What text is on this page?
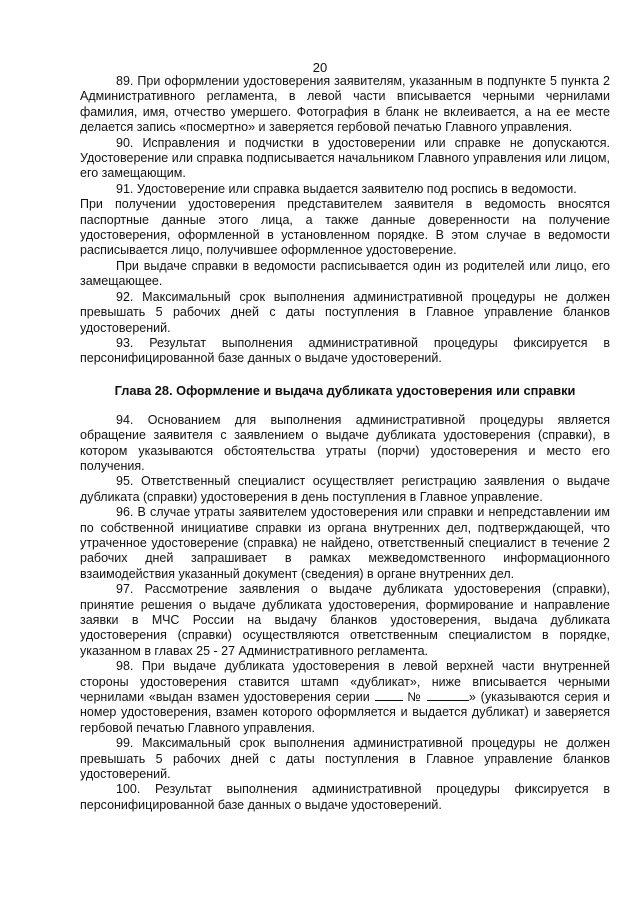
20

89. При оформлении удостоверения заявителям, указанным в подпункте 5 пункта 2 Административного регламента, в левой части вписывается черными чернилами фамилия, имя, отчество умершего. Фотография в бланк не вклеивается, а на ее месте делается запись «посмертно» и заверяется гербовой печатью Главного управления.

90. Исправления и подчистки в удостоверении или справке не допускаются. Удостоверение или справка подписывается начальником Главного управления или лицом, его замещающим.

91. Удостоверение или справка выдается заявителю под роспись в ведомости.

При получении удостоверения представителем заявителя в ведомость вносятся паспортные данные этого лица, а также данные доверенности на получение удостоверения, оформленной в установленном порядке. В этом случае в ведомости расписывается лицо, получившее оформленное удостоверение.

При выдаче справки в ведомости расписывается один из родителей или лицо, его замещающее.

92. Максимальный срок выполнения административной процедуры не должен превышать 5 рабочих дней с даты поступления в Главное управление бланков удостоверений.

93. Результат выполнения административной процедуры фиксируется в персонифицированной базе данных о выдаче удостоверений.

Глава 28. Оформление и выдача дубликата удостоверения или справки

94. Основанием для выполнения административной процедуры является обращение заявителя с заявлением о выдаче дубликата удостоверения (справки), в котором указываются обстоятельства утраты (порчи) удостоверения и место его получения.

95. Ответственный специалист осуществляет регистрацию заявления о выдаче дубликата (справки) удостоверения в день поступления в Главное управление.

96. В случае утраты заявителем удостоверения или справки и непредставлении им по собственной инициативе справки из органа внутренних дел, подтверждающей, что утраченное удостоверение (справка) не найдено, ответственный специалист в течение 2 рабочих дней запрашивает в рамках межведомственного информационного взаимодействия указанный документ (сведения) в органе внутренних дел.

97. Рассмотрение заявления о выдаче дубликата удостоверения (справки), принятие решения о выдаче дубликата удостоверения, формирование и направление заявки в МЧС России на выдачу бланков удостоверения, выдача дубликата удостоверения (справки) осуществляются ответственным специалистом в порядке, указанном в главах 25 - 27 Административного регламента.

98. При выдаче дубликата удостоверения в левой верхней части внутренней стороны удостоверения ставится штамп «дубликат», ниже вписывается черными чернилами «выдан взамен удостоверения серии  №	» (указываются серия и номер удостоверения, взамен которого оформляется и выдается дубликат) и заверяется гербовой печатью Главного управления.

99. Максимальный срок выполнения административной процедуры не должен превышать 5 рабочих дней с даты поступления в Главное управление бланков удостоверений.

100. Результат выполнения административной процедуры фиксируется в персонифицированной базе данных о выдаче удостоверений.
